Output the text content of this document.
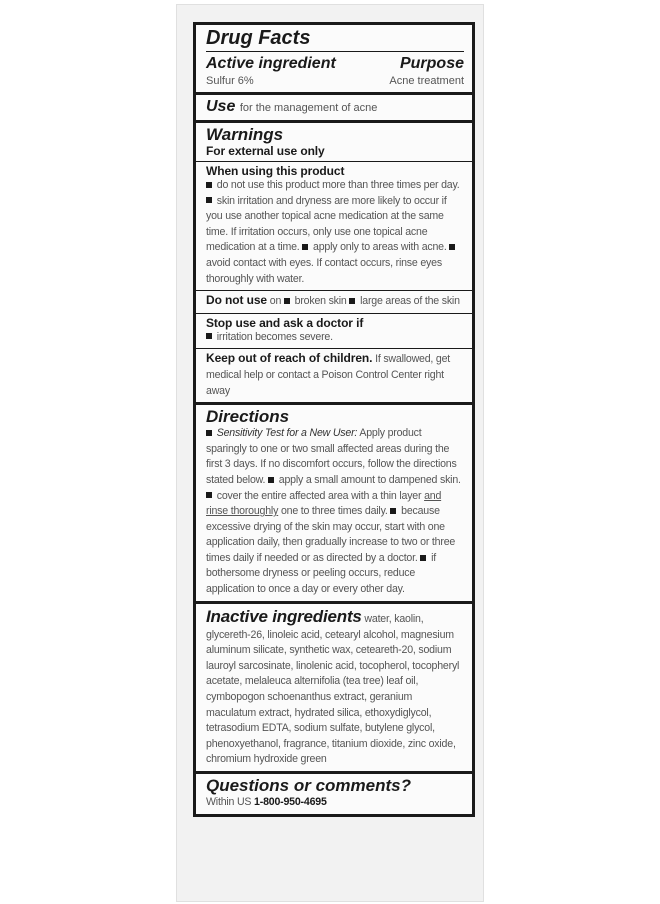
Drug Facts
Active ingredient	Purpose
Sulfur 6%	Acne treatment
Use for the management of acne
Warnings
For external use only
When using this product
do not use this product more than three times per day.  skin irritation and dryness are more likely to occur if you use another topical acne medication at the same time. If irritation occurs, only use one topical acne medication at a time. apply only to areas with acne.  avoid contact with eyes. If contact occurs, rinse eyes thoroughly with water.
Do not use on broken skin large areas of the skin
Stop use and ask a doctor if
irritation becomes severe.
Keep out of reach of children. If swallowed, get medical help or contact a Poison Control Center right away
Directions
Sensitivity Test for a New User: Apply product sparingly to one or two small affected areas during the first 3 days. If no discomfort occurs, follow the directions stated below. apply a small amount to dampened skin.  cover the entire affected area with a thin layer and rinse thoroughly one to three times daily. because excessive drying of the skin may occur, start with one application daily, then gradually increase to two or three times daily if needed or as directed by a doctor. if bothersome dryness or peeling occurs, reduce application to once a day or every other day.
Inactive ingredients water, kaolin, glycereth-26, linoleic acid, cetearyl alcohol, magnesium aluminum silicate, synthetic wax, ceteareth-20, sodium lauroyl sarcosinate, linolenic acid, tocopherol, tocopheryl acetate, melaleuca alternifolia (tea tree) leaf oil, cymbopogon schoenanthus extract, geranium maculatum extract, hydrated silica, ethoxydiglycol, tetrasodium EDTA, sodium sulfate, butylene glycol, phenoxyethanol, fragrance, titanium dioxide, zinc oxide, chromium hydroxide green
Questions or comments?
Within US 1-800-950-4695
